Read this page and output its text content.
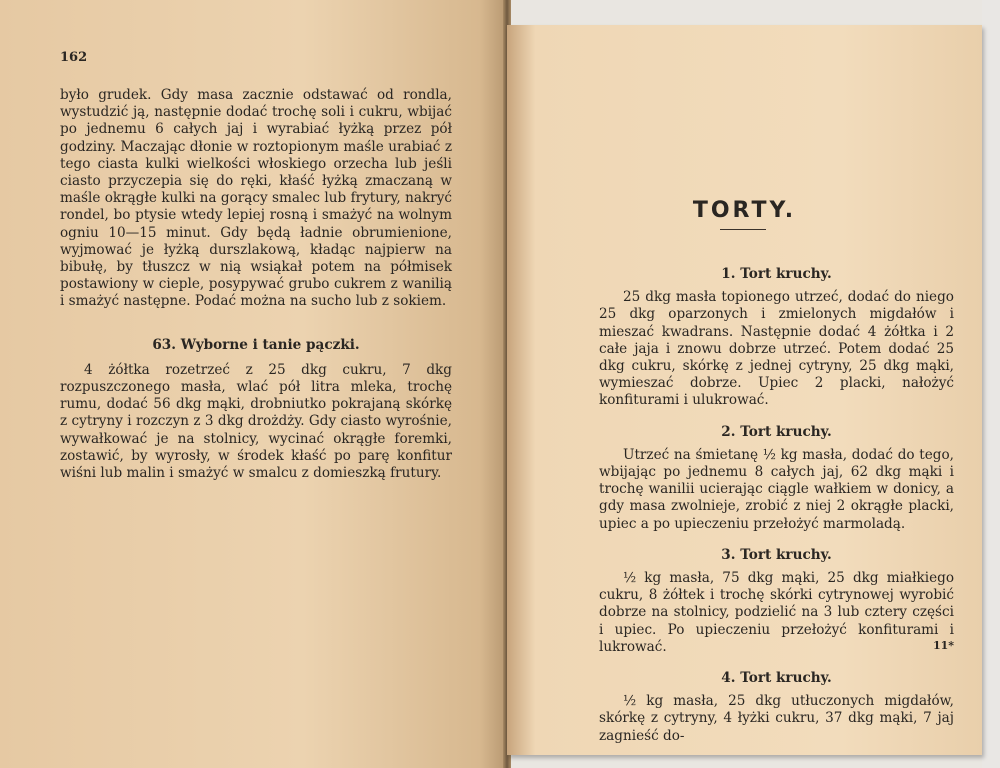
162

było grudek. Gdy masa zacznie odstawać od rondla, wystudzić ją, następnie dodać trochę soli i cukru, wbijać po jednemu 6 całych jaj i wyrabiać łyżką przez pół godziny. Maczając dłonie w roztopionym maśle urabiać z tego ciasta kulki wielkości włoskiego orzecha lub jeśli ciasto przyczepia się do ręki, kłaść łyżką zmaczaną w maśle okrągłe kulki na gorący smalec lub frytury, nakryć rondel, bo ptysie wtedy lepiej rosną i smażyć na wolnym ogniu 10—15 minut. Gdy będą ładnie obrumienione, wyjmować je łyżką durszlakową, kładąc najpierw na bibułę, by tłuszcz w nią wsiąkał potem na półmisek postawiony w cieple, posypywać grubo cukrem z wanilią i smażyć następne. Podać można na sucho lub z sokiem.

63. Wyborne i tanie pączki.

4 żółtka rozetrzeć z 25 dkg cukru, 7 dkg rozpuszczonego masła, wlać pół litra mleka, trochę rumu, dodać 56 dkg mąki, drobniutko pokrajaną skórkę z cytryny i rozczyn z 3 dkg drożdży. Gdy ciasto wyrośnie, wywałkować je na stolnicy, wycinać okrągłe foremki, zostawić, by wyrosły, w środek kłaść po parę konfitur wiśni lub malin i smażyć w smalcu z domieszką frutury.

TORTY.
1. Tort kruchy.

25 dkg masła topionego utrzeć, dodać do niego 25 dkg oparzonych i zmielonych migdałów i mieszać kwadrans. Następnie dodać 4 żółtka i 2 całe jaja i znowu dobrze utrzeć. Potem dodać 25 dkg cukru, skórkę z jednej cytryny, 25 dkg mąki, wymieszać dobrze. Upiec 2 placki, nałożyć konfiturami i ulukrować.

2. Tort kruchy.

Utrzeć na śmietanę ½ kg masła, dodać do tego, wbijając po jednemu 8 całych jaj, 62 dkg mąki i trochę wanilii ucierając ciągle wałkiem w donicy, a gdy masa zwolnieje, zrobić z niej 2 okrągłe placki, upiec a po upieczeniu przełożyć marmoladą.

3. Tort kruchy.

½ kg masła, 75 dkg mąki, 25 dkg miałkiego cukru, 8 żółtek i trochę skórki cytrynowej wyrobić dobrze na stolnicy, podzielić na 3 lub cztery części i upiec. Po upieczeniu przełożyć konfiturami i lukrować.

4. Tort kruchy.

½ kg masła, 25 dkg utłuczonych migdałów, skórkę z cytryny, 4 łyżki cukru, 37 dkg mąki, 7 jaj zagnieść do-

11*
